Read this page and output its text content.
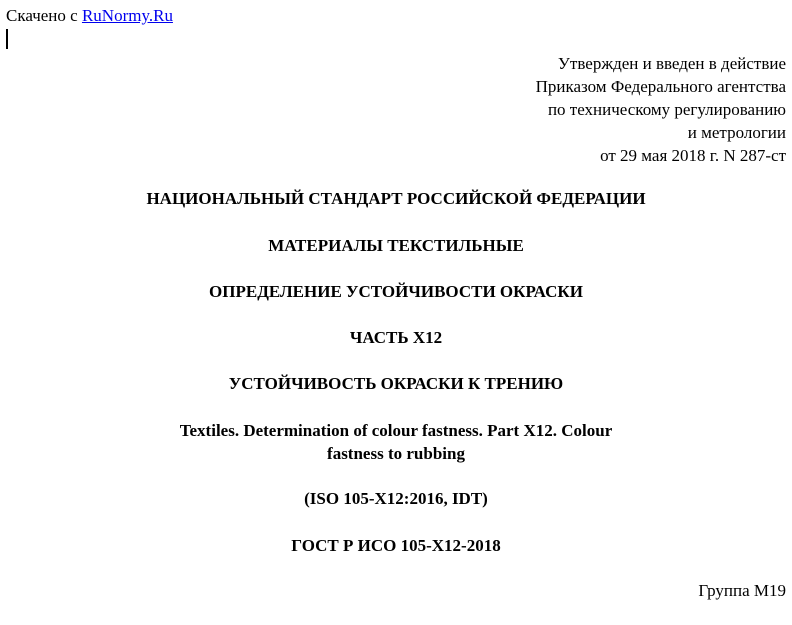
Скачено с RuNormy.Ru
Утвержден и введен в действие
Приказом Федерального агентства
по техническому регулированию
и метрологии
от 29 мая 2018 г. N 287-ст
НАЦИОНАЛЬНЫЙ СТАНДАРТ РОССИЙСКОЙ ФЕДЕРАЦИИ
МАТЕРИАЛЫ ТЕКСТИЛЬНЫЕ
ОПРЕДЕЛЕНИЕ УСТОЙЧИВОСТИ ОКРАСКИ
ЧАСТЬ X12
УСТОЙЧИВОСТЬ ОКРАСКИ К ТРЕНИЮ
Textiles. Determination of colour fastness. Part X12. Colour
fastness to rubbing
(ISO 105-X12:2016, IDT)
ГОСТ Р ИСО 105-X12-2018
Группа М19
